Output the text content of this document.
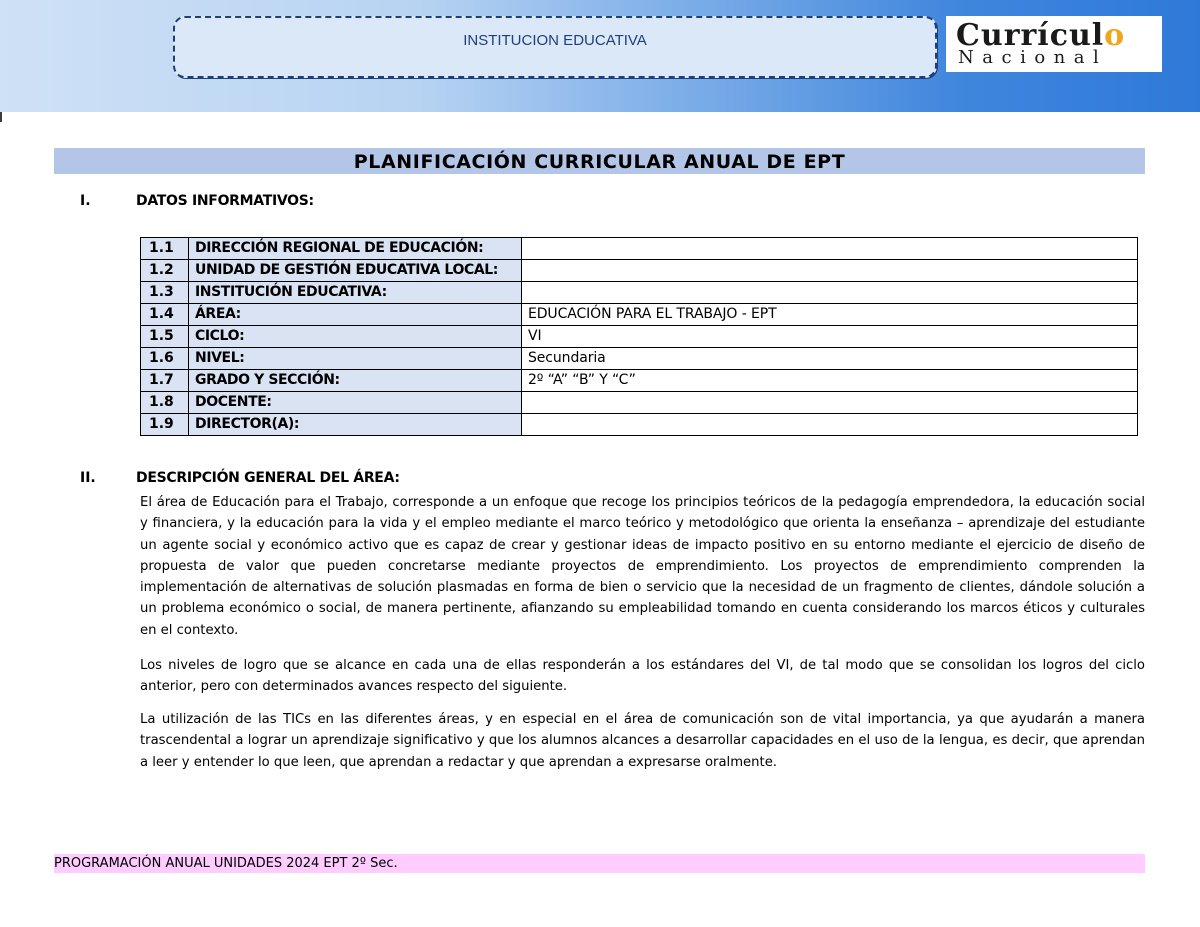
INSTITUCION EDUCATIVA	Currículo
Nacional
PLANIFICACIÓN CURRICULAR ANUAL DE EPT
I.	DATOS INFORMATIVOS:
1.1	DIRECCIÓN REGIONAL DE EDUCACIÓN:	
1.2	UNIDAD DE GESTIÓN EDUCATIVA LOCAL:	
1.3	INSTITUCIÓN EDUCATIVA:	
1.4	ÁREA:	EDUCACIÓN PARA EL TRABAJO - EPT
1.5	CICLO:	VI
1.6	NIVEL:	Secundaria
1.7	GRADO Y SECCIÓN:	2º “A” “B” Y “C”
1.8	DOCENTE:	
1.9	DIRECTOR(A):	
II.	DESCRIPCIÓN GENERAL DEL ÁREA:

El área de Educación para el Trabajo, corresponde a un enfoque que recoge los principios teóricos de la pedagogía emprendedora, la educación social y financiera, y la educación para la vida y el empleo mediante el marco teórico y metodológico que orienta la enseñanza – aprendizaje del estudiante un agente social y económico activo que es capaz de crear y gestionar ideas de impacto positivo en su entorno mediante el ejercicio de diseño de propuesta de valor que pueden concretarse mediante proyectos de emprendimiento. Los proyectos de emprendimiento comprenden la implementación de alternativas de solución plasmadas en forma de bien o servicio que la necesidad de un fragmento de clientes, dándole solución a un problema económico o social, de manera pertinente, afianzando su empleabilidad tomando en cuenta considerando los marcos éticos y culturales en el contexto.

Los niveles de logro que se alcance en cada una de ellas responderán a los estándares del VI, de tal modo que se consolidan los logros del ciclo anterior, pero con determinados avances respecto del siguiente.

La utilización de las TICs en las diferentes áreas, y en especial en el área de comunicación son de vital importancia, ya que ayudarán a manera trascendental a lograr un aprendizaje significativo y que los alumnos alcances a desarrollar capacidades en el uso de la lengua, es decir, que aprendan a leer y entender lo que leen, que aprendan a redactar y que aprendan a expresarse oralmente.

PROGRAMACIÓN ANUAL UNIDADES 2024 EPT 2º Sec.
